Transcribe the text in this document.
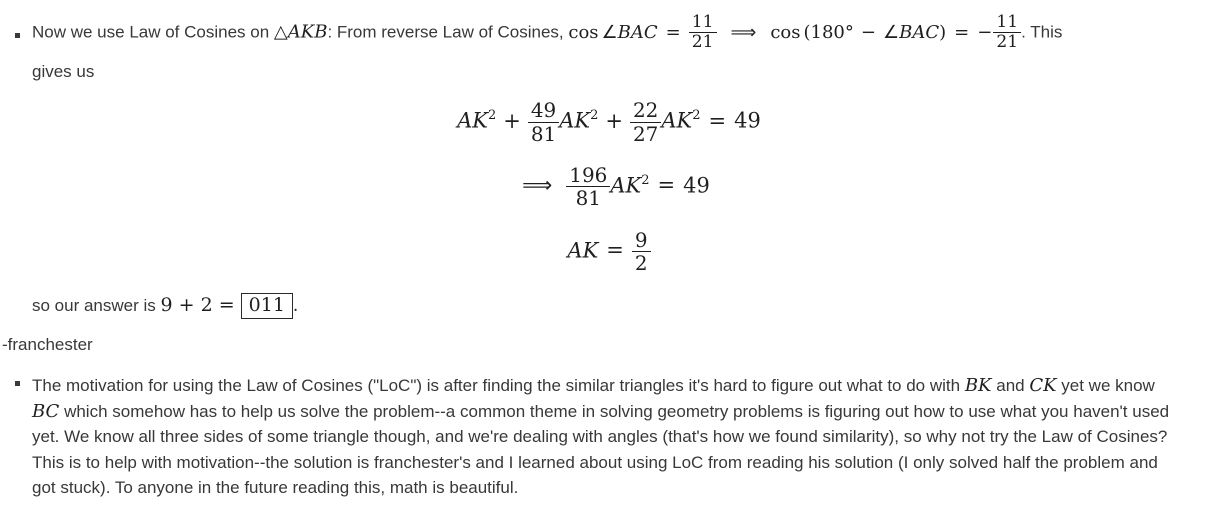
Now we use Law of Cosines on △AKB: From reverse Law of Cosines, cos ∠BAC = $\frac{11}{21}$ ⟹ cos (180° − ∠BAC) = − $\frac{11}{21}$ . This
gives us
$AK^2 + \frac{49}{81} AK^2 + \frac{22}{27} AK^2 = 49$
⟹ $\frac{196}{81} AK^2 = 49$
AK = $\frac{9}{2}$
so our answer is 9 + 2 = 011 .
-franchester
The motivation for using the Law of Cosines ("LoC") is after finding the similar triangles it's hard to figure out what to do with BK and CK yet we know BC which somehow has to help us solve the problem--a common theme in solving geometry problems is figuring out how to use what you haven't used yet. We know all three sides of some triangle though, and we're dealing with angles (that's how we found similarity), so why not try the Law of Cosines? This is to help with motivation--the solution is franchester's and I learned about using LoC from reading his solution (I only solved half the problem and got stuck). To anyone in the future reading this, math is beautiful.
